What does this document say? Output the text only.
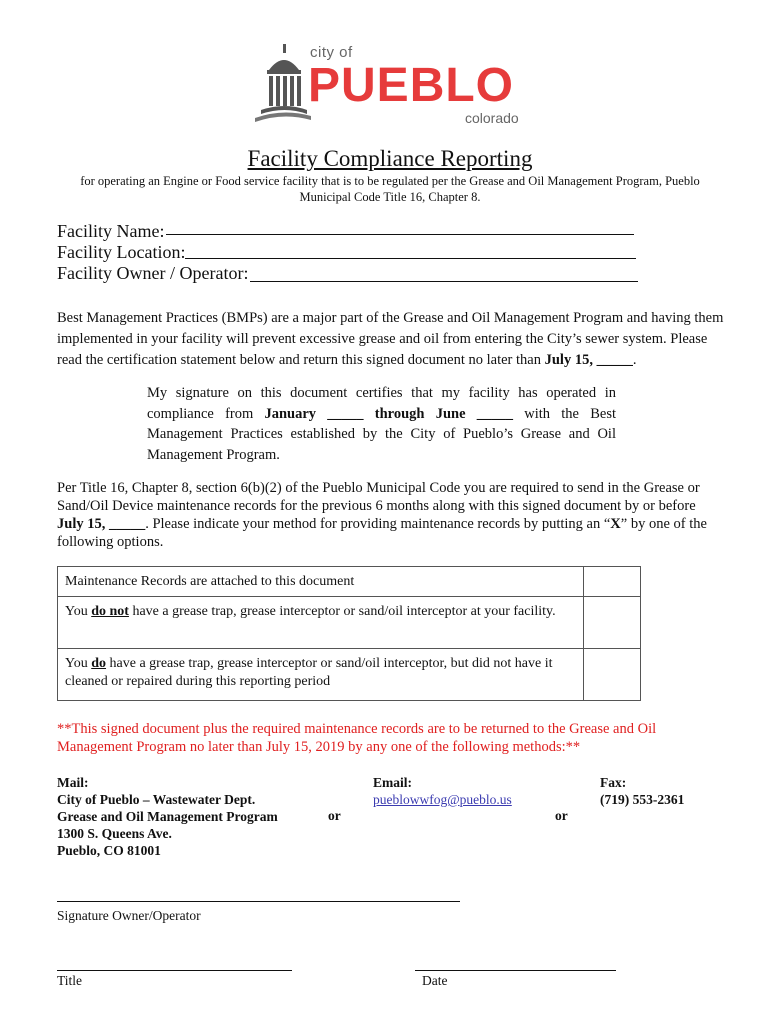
city of
PUEBLO
colorado
Facility Compliance Reporting
for operating an Engine or Food service facility that is to be regulated per the Grease and Oil Management Program, Pueblo Municipal Code Title 16, Chapter 8.
Facility Name:
Facility Location:
Facility Owner / Operator:
Best Management Practices (BMPs) are a major part of the Grease and Oil Management Program and having them implemented in your facility will prevent excessive grease and oil from entering the City’s sewer system. Please read the certification statement below and return this signed document no later than July 15, _____.
My signature on this document certifies that my facility has operated in compliance from January _____ through June _____ with the Best Management Practices established by the City of Pueblo’s Grease and Oil Management Program.
Per Title 16, Chapter 8, section 6(b)(2) of the Pueblo Municipal Code you are required to send in the Grease or Sand/Oil Device maintenance records for the previous 6 months along with this signed document by or before July 15, _____. Please indicate your method for providing maintenance records by putting an “X” by one of the following options.
Maintenance Records are attached to this document	
You do not have a grease trap, grease interceptor or sand/oil interceptor at your facility.	
You do have a grease trap, grease interceptor or sand/oil interceptor, but did not have it cleaned or repaired during this reporting period	
**This signed document plus the required maintenance records are to be returned to the Grease and Oil Management Program no later than July 15, 2019 by any one of the following methods:**
Mail:
City of Pueblo – Wastewater Dept.
Grease and Oil Management Program
1300 S. Queens Ave.
Pueblo, CO 81001
or
Email:
pueblowwfog@pueblo.us
or
Fax:
(719) 553-2361
Signature Owner/Operator
Title	Date
